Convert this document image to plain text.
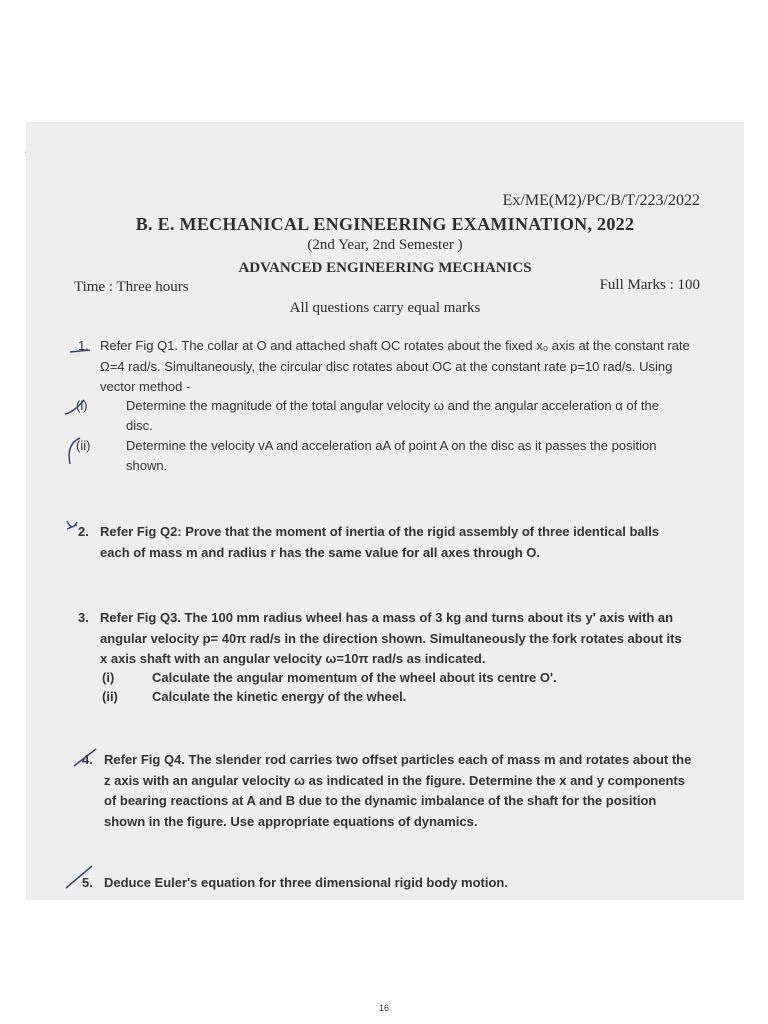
Ex/ME(M2)/PC/B/T/223/2022
B. E. MECHANICAL ENGINEERING EXAMINATION, 2022
(2nd Year, 2nd Semester )
ADVANCED ENGINEERING MECHANICS
Time : Three hours	Full Marks : 100
All questions carry equal marks
1. Refer Fig Q1. The collar at O and attached shaft OC rotates about the fixed x₀ axis at the constant rate Ω=4 rad/s. Simultaneously, the circular disc rotates about OC at the constant rate p=10 rad/s. Using vector method -
(i)	Determine the magnitude of the total angular velocity ω and the angular acceleration α of the disc.
(ii)	Determine the velocity vA and acceleration aA of point A on the disc as it passes the position shown.
2. Refer Fig Q2: Prove that the moment of inertia of the rigid assembly of three identical balls each of mass m and radius r has the same value for all axes through O.
3. Refer Fig Q3. The 100 mm radius wheel has a mass of 3 kg and turns about its y' axis with an angular velocity p= 40π rad/s in the direction shown. Simultaneously the fork rotates about its x axis shaft with an angular velocity ω=10π rad/s as indicated.
(i)	Calculate the angular momentum of the wheel about its centre O'.
(ii)	Calculate the kinetic energy of the wheel.
4. Refer Fig Q4. The slender rod carries two offset particles each of mass m and rotates about the z axis with an angular velocity ω as indicated in the figure. Determine the x and y components of bearing reactions at A and B due to the dynamic imbalance of the shaft for the position shown in the figure. Use appropriate equations of dynamics.
5. Deduce Euler's equation for three dimensional rigid body motion.
16
